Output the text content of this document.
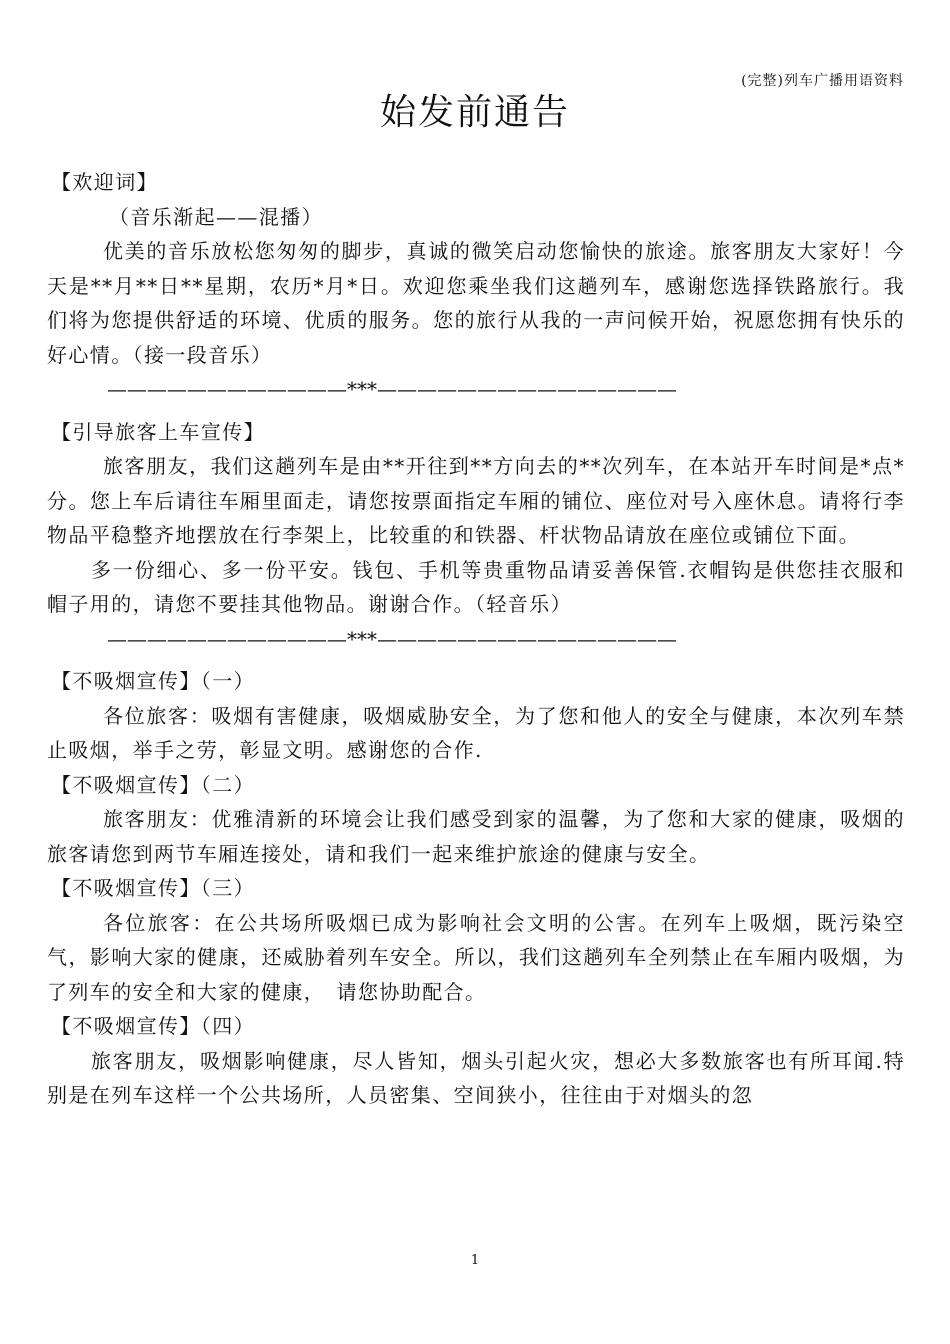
(完整)列车广播用语资料
始发前通告

【欢迎词】

（音乐渐起——混播）

优美的音乐放松您匆匆的脚步，真诚的微笑启动您愉快的旅途。旅客朋友大家好！今天是**月**日**星期，农历*月*日。欢迎您乘坐我们这趟列车，感谢您选择铁路旅行。我们将为您提供舒适的环境、优质的服务。您的旅行从我的一声问候开始，祝愿您拥有快乐的好心情。（接一段音乐）

————————————***———————————————

【引导旅客上车宣传】

旅客朋友，我们这趟列车是由**开往到**方向去的**次列车，在本站开车时间是*点*分。您上车后请往车厢里面走，请您按票面指定车厢的铺位、座位对号入座休息。请将行李物品平稳整齐地摆放在行李架上，比较重的和铁器、杆状物品请放在座位或铺位下面。

多一份细心、多一份平安。钱包、手机等贵重物品请妥善保管.衣帽钩是供您挂衣服和帽子用的，请您不要挂其他物品。谢谢合作。（轻音乐）

————————————***———————————————

【不吸烟宣传】（一）

各位旅客：吸烟有害健康，吸烟威胁安全，为了您和他人的安全与健康，本次列车禁止吸烟，举手之劳，彰显文明。感谢您的合作.

【不吸烟宣传】（二）

旅客朋友：优雅清新的环境会让我们感受到家的温馨，为了您和大家的健康，吸烟的旅客请您到两节车厢连接处，请和我们一起来维护旅途的健康与安全。

【不吸烟宣传】（三）

各位旅客：在公共场所吸烟已成为影响社会文明的公害。在列车上吸烟，既污染空气，影响大家的健康，还威胁着列车安全。所以，我们这趟列车全列禁止在车厢内吸烟，为了列车的安全和大家的健康，　请您协助配合。

【不吸烟宣传】（四）

旅客朋友，吸烟影响健康，尽人皆知，烟头引起火灾，想必大多数旅客也有所耳闻.特别是在列车这样一个公共场所，人员密集、空间狭小，往往由于对烟头的忽

1
